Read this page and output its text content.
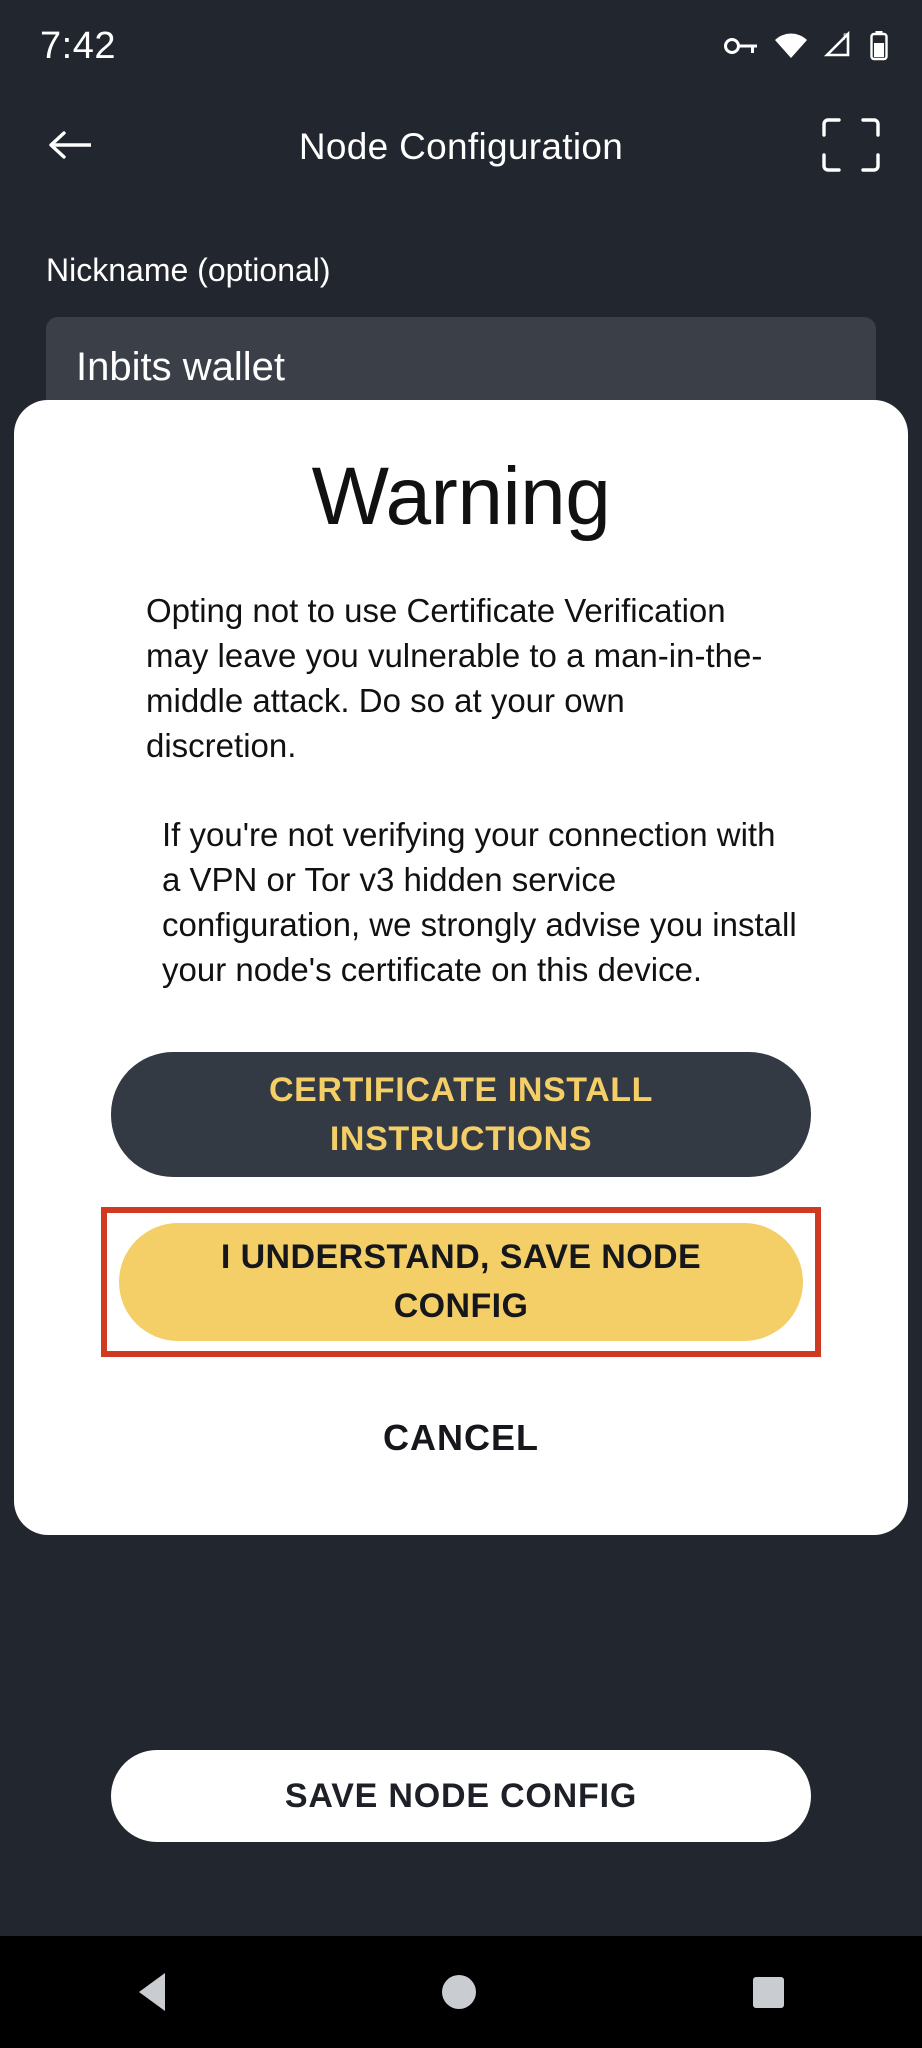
7:42	R
Node Configuration
Nickname (optional)
Inbits wallet
SAVE NODE CONFIG
Warning
Opting not to use Certificate Verification may leave you vulnerable to a man-in-the-middle attack. Do so at your own discretion.
If you're not verifying your connection with a VPN or Tor v3 hidden service configuration, we strongly advise you install your node's certificate on this device.
CERTIFICATE INSTALL INSTRUCTIONS
I UNDERSTAND, SAVE NODE CONFIG
CANCEL
